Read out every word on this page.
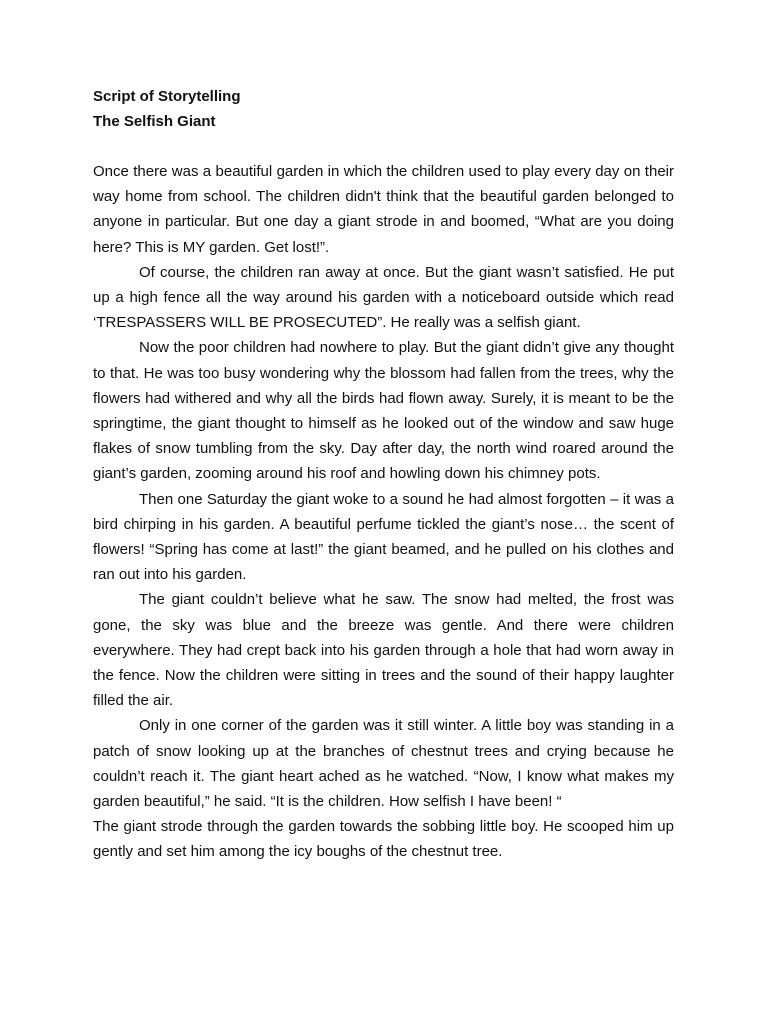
Script of Storytelling

The Selfish Giant

Once there was a beautiful garden in which the children used to play every day on their way home from school. The children didn't think that the beautiful garden belonged to anyone in particular. But one day a giant strode in and boomed, “What are you doing here? This is MY garden. Get lost!”.

Of course, the children ran away at once. But the giant wasn’t satisfied. He put up a high fence all the way around his garden with a noticeboard outside which read ‘TRESPASSERS WILL BE PROSECUTED”. He really was a selfish giant.

Now the poor children had nowhere to play. But the giant didn’t give any thought to that. He was too busy wondering why the blossom had fallen from the trees, why the flowers had withered and why all the birds had flown away. Surely, it is meant to be the springtime, the giant thought to himself as he looked out of the window and saw huge flakes of snow tumbling from the sky. Day after day, the north wind roared around the giant’s garden, zooming around his roof and howling down his chimney pots.

Then one Saturday the giant woke to a sound he had almost forgotten – it was a bird chirping in his garden. A beautiful perfume tickled the giant’s nose… the scent of flowers! “Spring has come at last!” the giant beamed, and he pulled on his clothes and ran out into his garden.

The giant couldn’t believe what he saw. The snow had melted, the frost was gone, the sky was blue and the breeze was gentle. And there were children everywhere. They had crept back into his garden through a hole that had worn away in the fence. Now the children were sitting in trees and the sound of their happy laughter filled the air.

Only in one corner of the garden was it still winter. A little boy was standing in a patch of snow looking up at the branches of chestnut trees and crying because he couldn’t reach it. The giant heart ached as he watched. “Now, I know what makes my garden beautiful,” he said. “It is the children. How selfish I have been! “

The giant strode through the garden towards the sobbing little boy. He scooped him up gently and set him among the icy boughs of the chestnut tree.
